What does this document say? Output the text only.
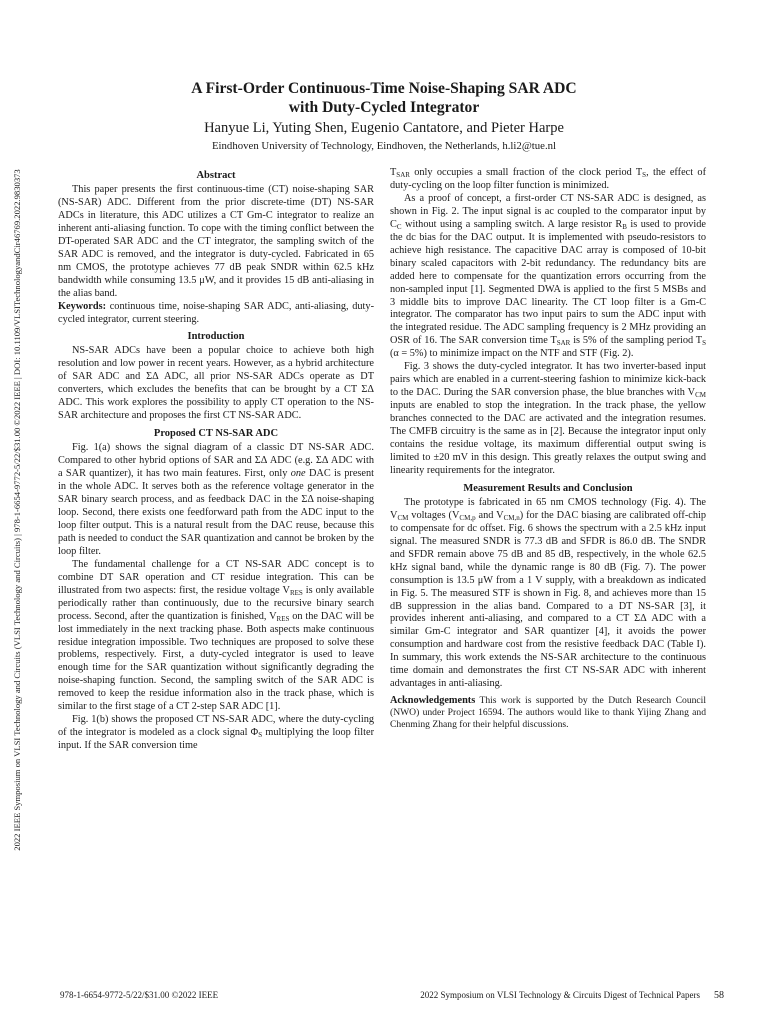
2022 IEEE Symposium on VLSI Technology and Circuits (VLSI Technology and Circuits) | 978-1-6654-9772-5/22/$31.00 ©2022 IEEE | DOI: 10.1109/VLSITechnologyandCir46769.2022.9830373
A First-Order Continuous-Time Noise-Shaping SAR ADC
with Duty-Cycled Integrator
Hanyue Li, Yuting Shen, Eugenio Cantatore, and Pieter Harpe
Eindhoven University of Technology, Eindhoven, the Netherlands, h.li2@tue.nl
Abstract

This paper presents the first continuous-time (CT) noise-shaping SAR (NS-SAR) ADC. Different from the prior discrete-time (DT) NS-SAR ADCs in literature, this ADC utilizes a CT Gm-C integrator to realize an inherent anti-aliasing function. To cope with the timing conflict between the DT-operated SAR ADC and the CT integrator, the sampling switch of the SAR ADC is removed, and the integrator is duty-cycled. Fabricated in 65 nm CMOS, the prototype achieves 77 dB peak SNDR within 62.5 kHz bandwidth while consuming 13.5 μW, and it provides 15 dB anti-aliasing in the alias band.

Keywords: continuous time, noise-shaping SAR ADC, anti-aliasing, duty-cycled integrator, current steering.

Introduction

NS-SAR ADCs have been a popular choice to achieve both high resolution and low power in recent years. However, as a hybrid architecture of SAR ADC and ΣΔ ADC, all prior NS-SAR ADCs operate as DT converters, which excludes the benefits that can be brought by a CT ΣΔ ADC. This work explores the possibility to apply CT operation to the NS-SAR architecture and proposes the first CT NS-SAR ADC.

Proposed CT NS-SAR ADC

Fig. 1(a) shows the signal diagram of a classic DT NS-SAR ADC. Compared to other hybrid options of SAR and ΣΔ ADC (e.g. ΣΔ ADC with a SAR quantizer), it has two main features. First, only one DAC is present in the whole ADC. It serves both as the reference voltage generator in the SAR binary search process, and as feedback DAC in the ΣΔ noise-shaping loop. Second, there exists one feedforward path from the ADC input to the loop filter output. This is a natural result from the DAC reuse, because this path is needed to conduct the SAR quantization and cannot be broken by the loop filter.

The fundamental challenge for a CT NS-SAR ADC concept is to combine DT SAR operation and CT residue integration. This can be illustrated from two aspects: first, the residue voltage $V_{RES}$ is only available periodically rather than continuously, due to the recursive binary search process. Second, after the quantization is finished, $V_{RES}$ on the DAC will be lost immediately in the next tracking phase. Both aspects make continuous residue integration impossible. Two techniques are proposed to solve these problems, respectively. First, a duty-cycled integrator is used to leave enough time for the SAR quantization without significantly degrading the noise-shaping function. Second, the sampling switch of the SAR ADC is removed to keep the residue information also in the track phase, which is similar to the first stage of a CT 2-step SAR ADC [1].

Fig. 1(b) shows the proposed CT NS-SAR ADC, where the duty-cycling of the integrator is modeled as a clock signal $\Phi_S$ multiplying the loop filter input. If the SAR conversion time

$T_{SAR}$ only occupies a small fraction of the clock period $T_S$, the effect of duty-cycling on the loop filter function is minimized.

As a proof of concept, a first-order CT NS-SAR ADC is designed, as shown in Fig. 2. The input signal is ac coupled to the comparator input by $C_C$ without using a sampling switch. A large resistor $R_B$ is used to provide the dc bias for the DAC output. It is implemented with pseudo-resistors to achieve high resistance. The capacitive DAC array is composed of 10-bit binary scaled capacitors with 2-bit redundancy. The redundancy bits are added here to compensate for the quantization errors occurring from the non-sampled input [1]. Segmented DWA is applied to the first 5 MSBs and 3 middle bits to improve DAC linearity. The CT loop filter is a Gm-C integrator. The comparator has two input pairs to sum the ADC input with the integrated residue. The ADC sampling frequency is 2 MHz providing an OSR of 16. The SAR conversion time $T_{SAR}$ is 5% of the sampling period $T_S$ (α = 5%) to minimize impact on the NTF and STF (Fig. 2).

Fig. 3 shows the duty-cycled integrator. It has two inverter-based input pairs which are enabled in a current-steering fashion to minimize kick-back to the DAC. During the SAR conversion phase, the blue branches with $V_{CM}$ inputs are enabled to stop the integration. In the track phase, the yellow branches connected to the DAC are activated and the integration resumes. The CMFB circuitry is the same as in [2]. Because the integrator input only contains the residue voltage, its maximum differential output swing is limited to ±20 mV in this design. This greatly relaxes the output swing and linearity requirements for the integrator.

Measurement Results and Conclusion

The prototype is fabricated in 65 nm CMOS technology (Fig. 4). The $V_{CM}$ voltages ($V_{CM,p}$ and $V_{CM,n}$) for the DAC biasing are calibrated off-chip to compensate for dc offset. Fig. 6 shows the spectrum with a 2.5 kHz input signal. The measured SNDR is 77.3 dB and SFDR is 86.0 dB. The SNDR and SFDR remain above 75 dB and 85 dB, respectively, in the whole 62.5 kHz signal band, while the dynamic range is 80 dB (Fig. 7). The power consumption is 13.5 μW from a 1 V supply, with a breakdown as indicated in Fig. 5. The measured STF is shown in Fig. 8, and achieves more than 15 dB suppression in the alias band. Compared to a DT NS-SAR [3], it provides inherent anti-aliasing, and compared to a CT ΣΔ ADC with a similar Gm-C integrator and SAR quantizer [4], it avoids the power consumption and hardware cost from the resistive feedback DAC (Table I). In summary, this work extends the NS-SAR architecture to the continuous time domain and demonstrates the first CT NS-SAR ADC with inherent advantages in anti-aliasing.

Acknowledgements This work is supported by the Dutch Research Council (NWO) under Project 16594. The authors would like to thank Yijing Zhang and Chenming Zhang for their helpful discussions.

978-1-6654-9772-5/22/$31.00 ©2022 IEEE	2022 Symposium on VLSI Technology & Circuits Digest of Technical Papers 58
